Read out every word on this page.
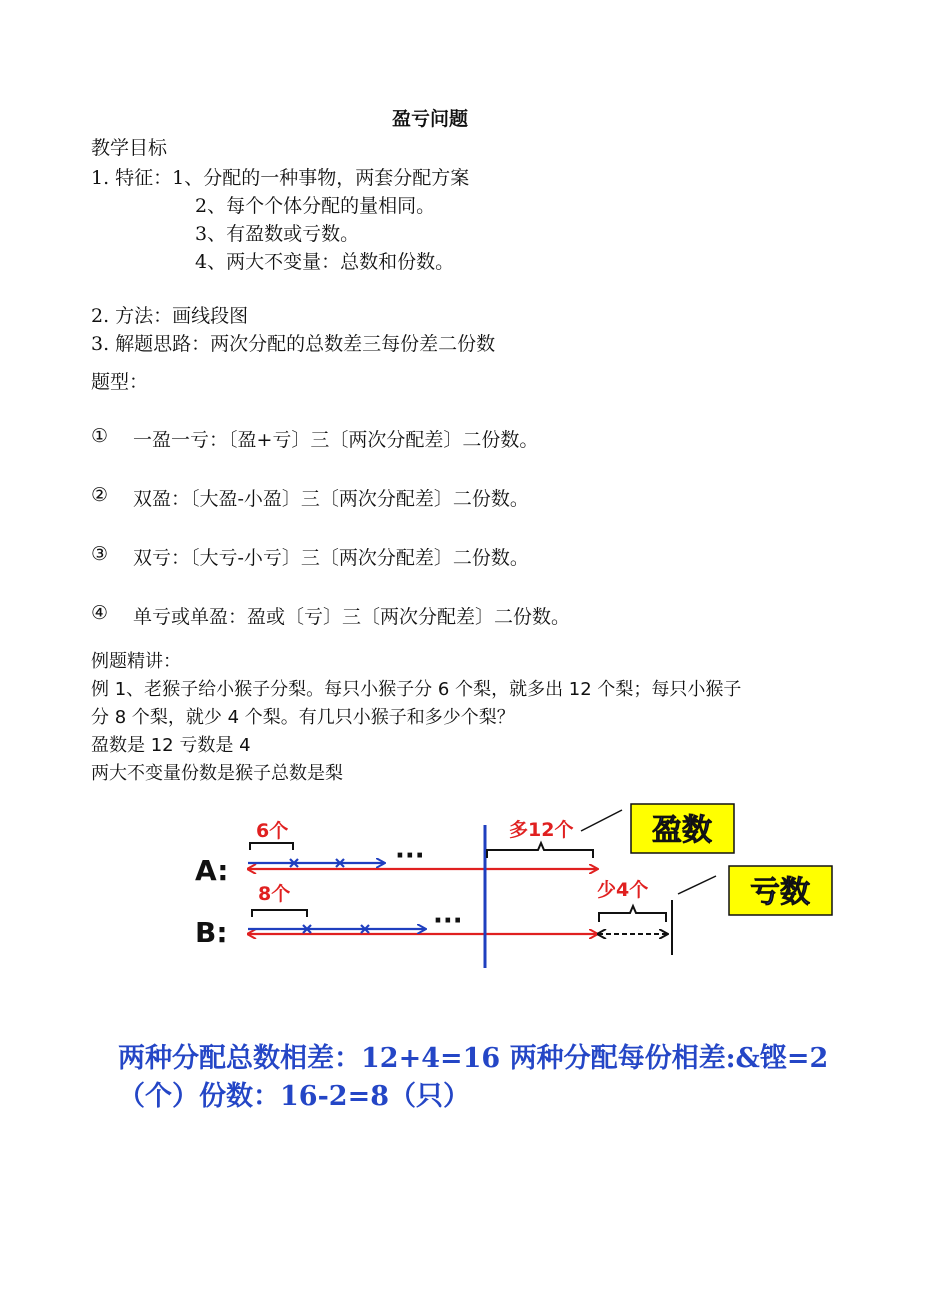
盈亏问题
教学目标
1. 特征：1、分配的一种事物，两套分配方案
2、每个个体分配的量相同。
3、有盈数或亏数。
4、两大不变量：总数和份数。
2. 方法：画线段图
3. 解题思路：两次分配的总数差三每份差二份数
题型：
① 一盈一亏：〔盈+亏〕三〔两次分配差〕二份数。
② 双盈：〔大盈-小盈〕三〔两次分配差〕二份数。
③ 双亏：〔大亏-小亏〕三〔两次分配差〕二份数。
④ 单亏或单盈：盈或〔亏〕三〔两次分配差〕二份数。
例题精讲：
例 1、老猴子给小猴子分梨。每只小猴子分 6 个梨，就多出 12 个梨；每只小猴子
分 8 个梨，就少 4 个梨。有几只小猴子和多少个梨？
盈数是 12 亏数是 4
两大不变量份数是猴子总数是梨
A:
B:
···
6个
···
8个
多12个
少4个
盈数
亏数
两种分配总数相差：12+4=16 两种分配每份相差:&铿=2
（个）份数：16-2=8（只）
